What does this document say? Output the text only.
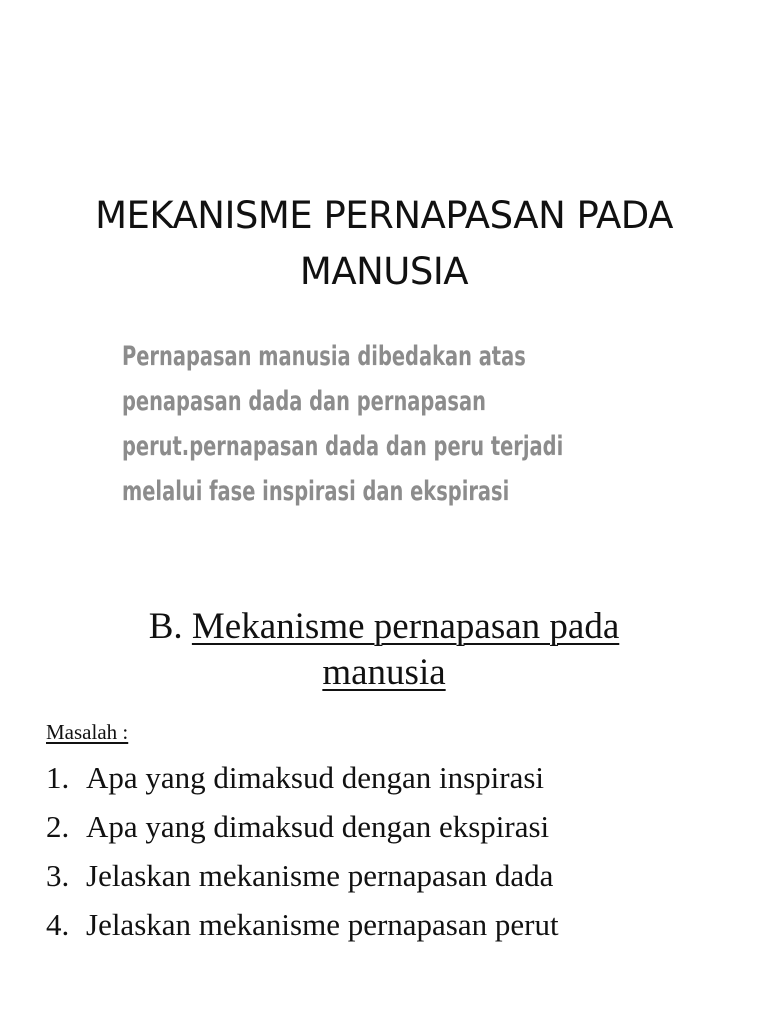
MEKANISME PERNAPASAN PADA
MANUSIA
Pernapasan manusia dibedakan atas
penapasan dada dan pernapasan
perut.pernapasan dada dan peru terjadi
melalui fase inspirasi dan ekspirasi
B. Mekanisme pernapasan pada
manusia
Masalah :
1. Apa yang dimaksud dengan inspirasi
2. Apa yang dimaksud dengan ekspirasi
3. Jelaskan mekanisme pernapasan dada
4. Jelaskan mekanisme pernapasan perut
